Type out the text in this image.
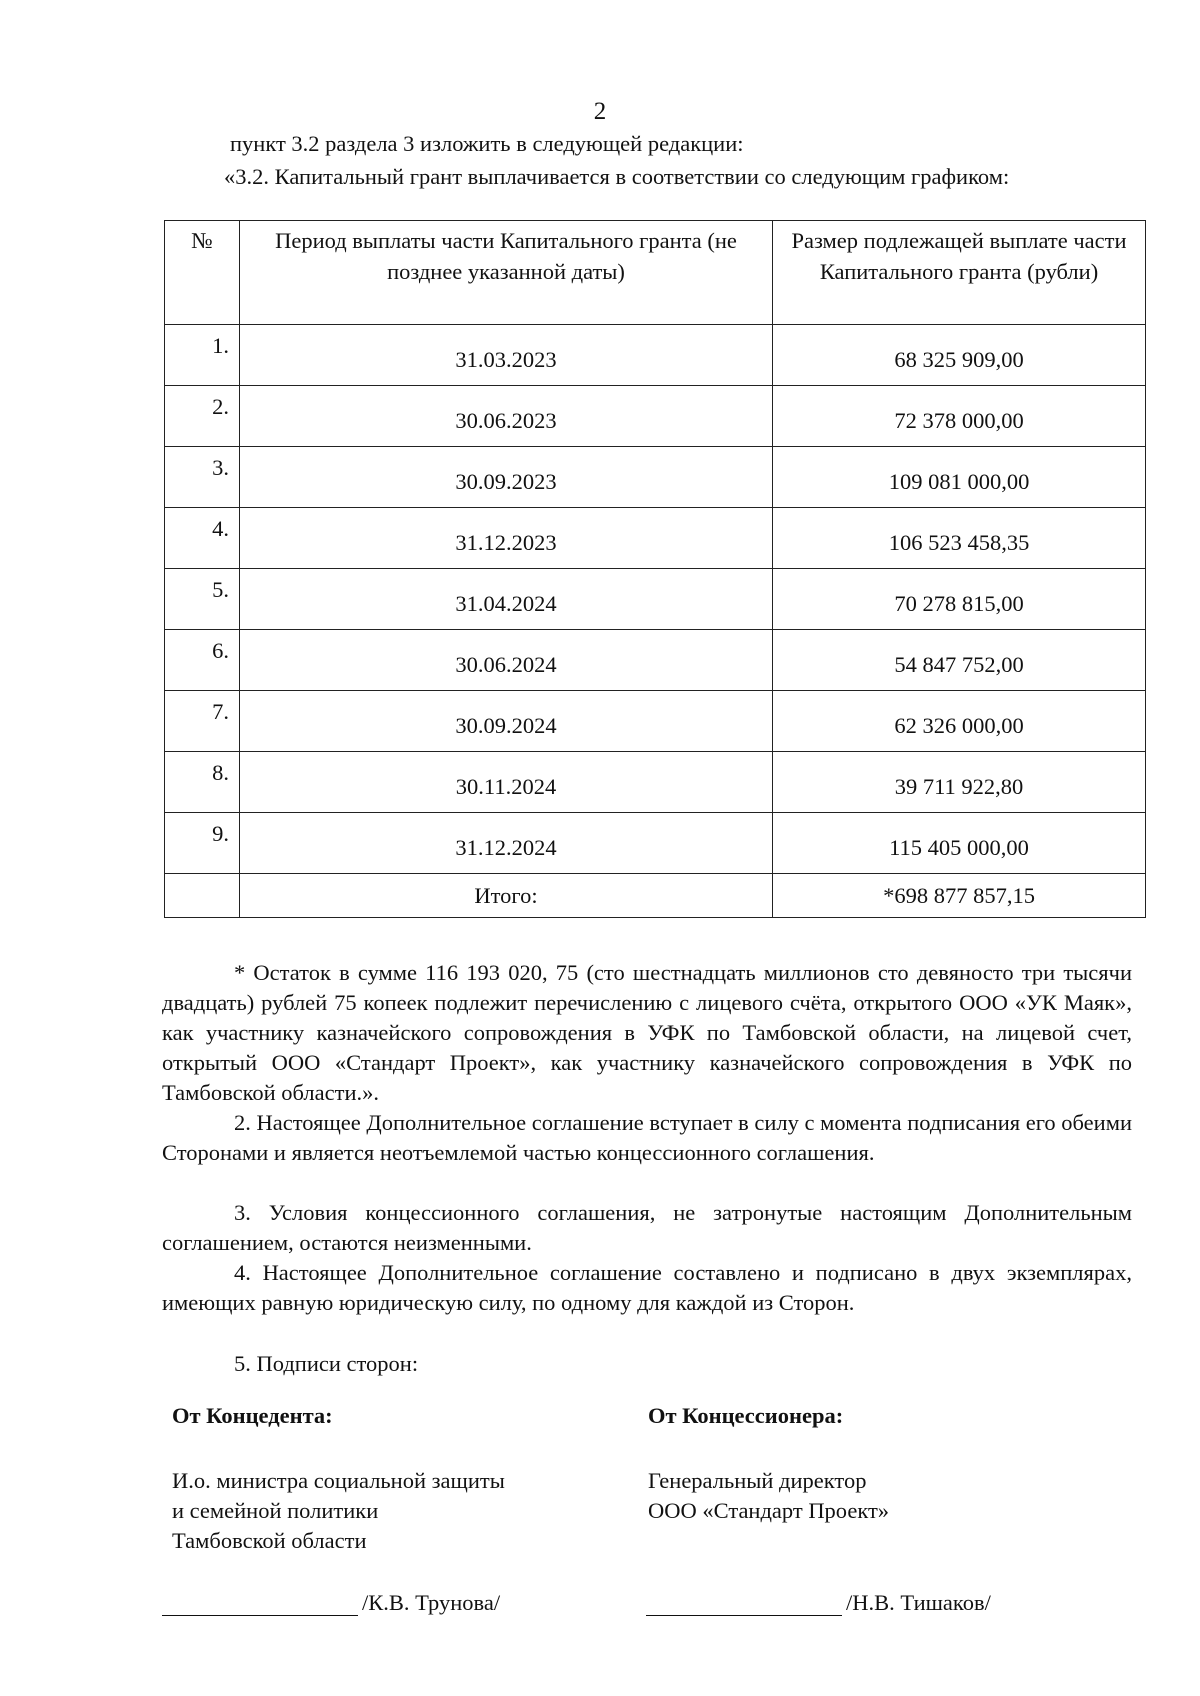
2
пункт 3.2 раздела 3 изложить в следующей редакции:
«3.2. Капитальный грант выплачивается в соответствии со следующим графиком:
№	Период выплаты части Капитального гранта (не позднее указанной даты)	Размер подлежащей выплате части Капитального гранта (рубли)
1.	31.03.2023	68 325 909,00
2.	30.06.2023	72 378 000,00
3.	30.09.2023	109 081 000,00
4.	31.12.2023	106 523 458,35
5.	31.04.2024	70 278 815,00
6.	30.06.2024	54 847 752,00
7.	30.09.2024	62 326 000,00
8.	30.11.2024	39 711 922,80
9.	31.12.2024	115 405 000,00
	Итого:	*698 877 857,15

* Остаток в сумме 116 193 020, 75 (сто шестнадцать миллионов сто девяносто три тысячи двадцать) рублей 75 копеек подлежит перечислению с лицевого счёта, открытого ООО «УК Маяк», как участнику казначейского сопровождения в УФК по Тамбовской области, на лицевой счет, открытый ООО «Стандарт Проект», как участнику казначейского сопровождения в УФК по Тамбовской области.».

2. Настоящее Дополнительное соглашение вступает в силу с момента подписания его обеими Сторонами и является неотъемлемой частью концессионного соглашения.

3. Условия концессионного соглашения, не затронутые настоящим Дополнительным соглашением, остаются неизменными.

4. Настоящее Дополнительное соглашение составлено и подписано в двух экземплярах, имеющих равную юридическую силу, по одному для каждой из Сторон.

5. Подписи сторон:

От Концедента:	От Концессионера:
И.о. министра социальной защиты
и семейной политики
Тамбовской области
Генеральный директор
ООО «Стандарт Проект»
/К.В. Трунова/	/Н.В. Тишаков/
